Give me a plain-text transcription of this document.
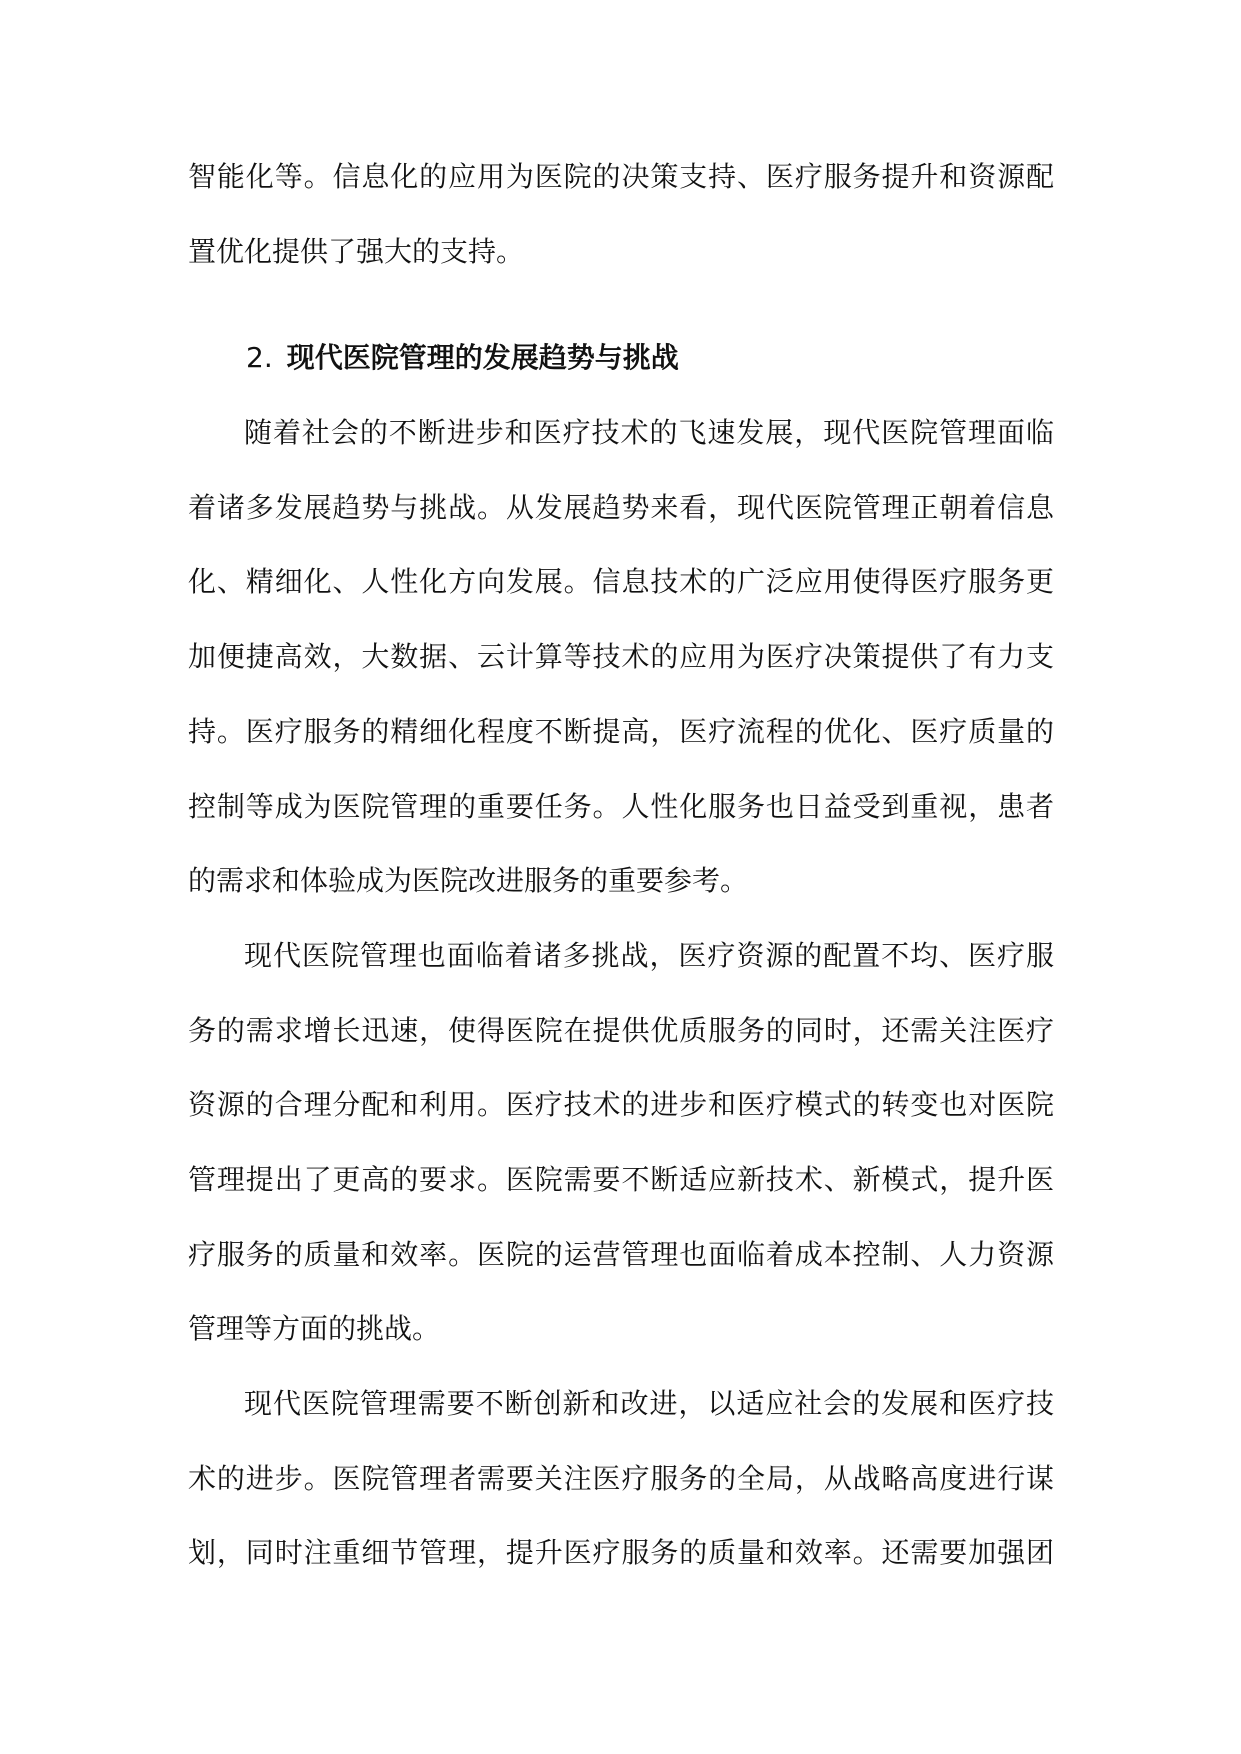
智能化等。信息化的应用为医院的决策支持、医疗服务提升和资源配
置优化提供了强大的支持。
2. 现代医院管理的发展趋势与挑战
随着社会的不断进步和医疗技术的飞速发展，现代医院管理面临
着诸多发展趋势与挑战。从发展趋势来看，现代医院管理正朝着信息
化、精细化、人性化方向发展。信息技术的广泛应用使得医疗服务更
加便捷高效，大数据、云计算等技术的应用为医疗决策提供了有力支
持。医疗服务的精细化程度不断提高，医疗流程的优化、医疗质量的
控制等成为医院管理的重要任务。人性化服务也日益受到重视，患者
的需求和体验成为医院改进服务的重要参考。
现代医院管理也面临着诸多挑战，医疗资源的配置不均、医疗服
务的需求增长迅速，使得医院在提供优质服务的同时，还需关注医疗
资源的合理分配和利用。医疗技术的进步和医疗模式的转变也对医院
管理提出了更高的要求。医院需要不断适应新技术、新模式，提升医
疗服务的质量和效率。医院的运营管理也面临着成本控制、人力资源
管理等方面的挑战。
现代医院管理需要不断创新和改进，以适应社会的发展和医疗技
术的进步。医院管理者需要关注医疗服务的全局，从战略高度进行谋
划，同时注重细节管理，提升医疗服务的质量和效率。还需要加强团
